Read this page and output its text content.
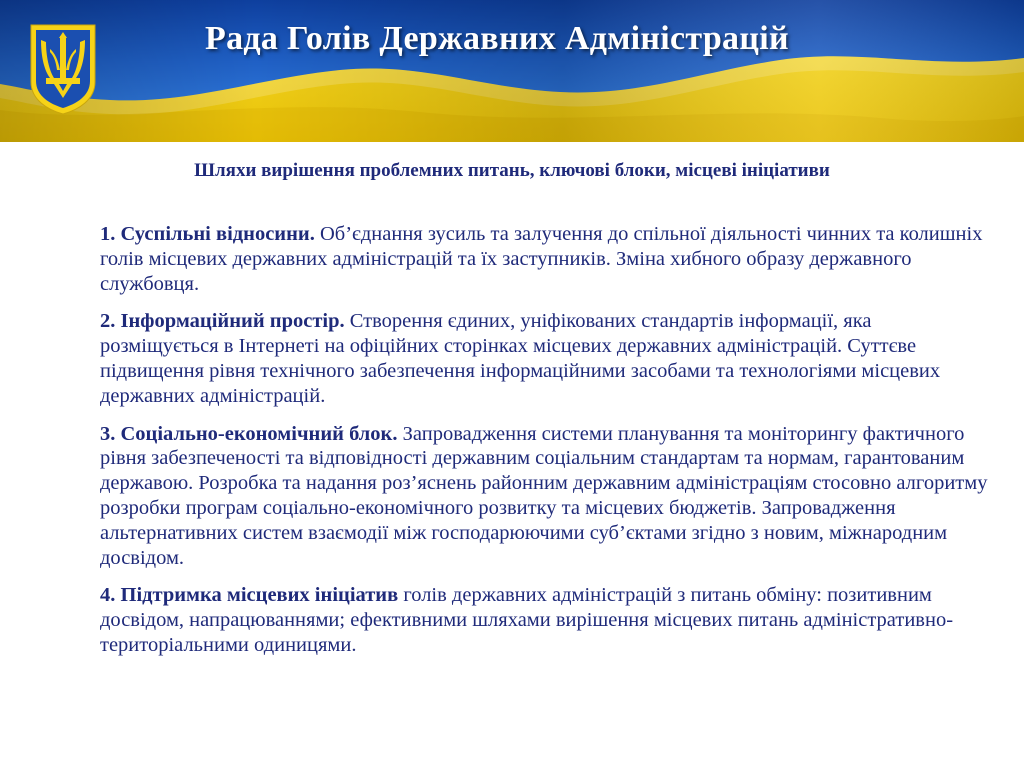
Рада Голів Державних Адміністрацій
Шляхи вирішення проблемних питань, ключові блоки, місцеві ініціативи

1. Суспільні відносини. Об’єднання зусиль та залучення до спільної діяльності чинних та колишніх голів місцевих державних адміністрацій та їх заступників. Зміна хибного образу державного службовця.

2. Інформаційний простір. Створення єдиних, уніфікованих стандартів інформації, яка розміщується в Інтернеті на офіційних сторінках місцевих державних адміністрацій. Суттєве підвищення рівня технічного забезпечення інформаційними засобами та технологіями місцевих державних адміністрацій.

3. Соціально-економічний блок. Запровадження системи планування та моніторингу фактичного рівня забезпеченості та відповідності державним соціальним стандартам та нормам, гарантованим державою. Розробка та надання роз’яснень районним державним адміністраціям стосовно алгоритму розробки програм соціально-економічного розвитку та місцевих бюджетів. Запровадження альтернативних систем взаємодії між господарюючими суб’єктами згідно з новим, міжнародним досвідом.

4. Підтримка місцевих ініціатив голів державних адміністрацій з питань обміну: позитивним досвідом, напрацюваннями; ефективними шляхами вирішення місцевих питань адміністративно-територіальними одиницями.
